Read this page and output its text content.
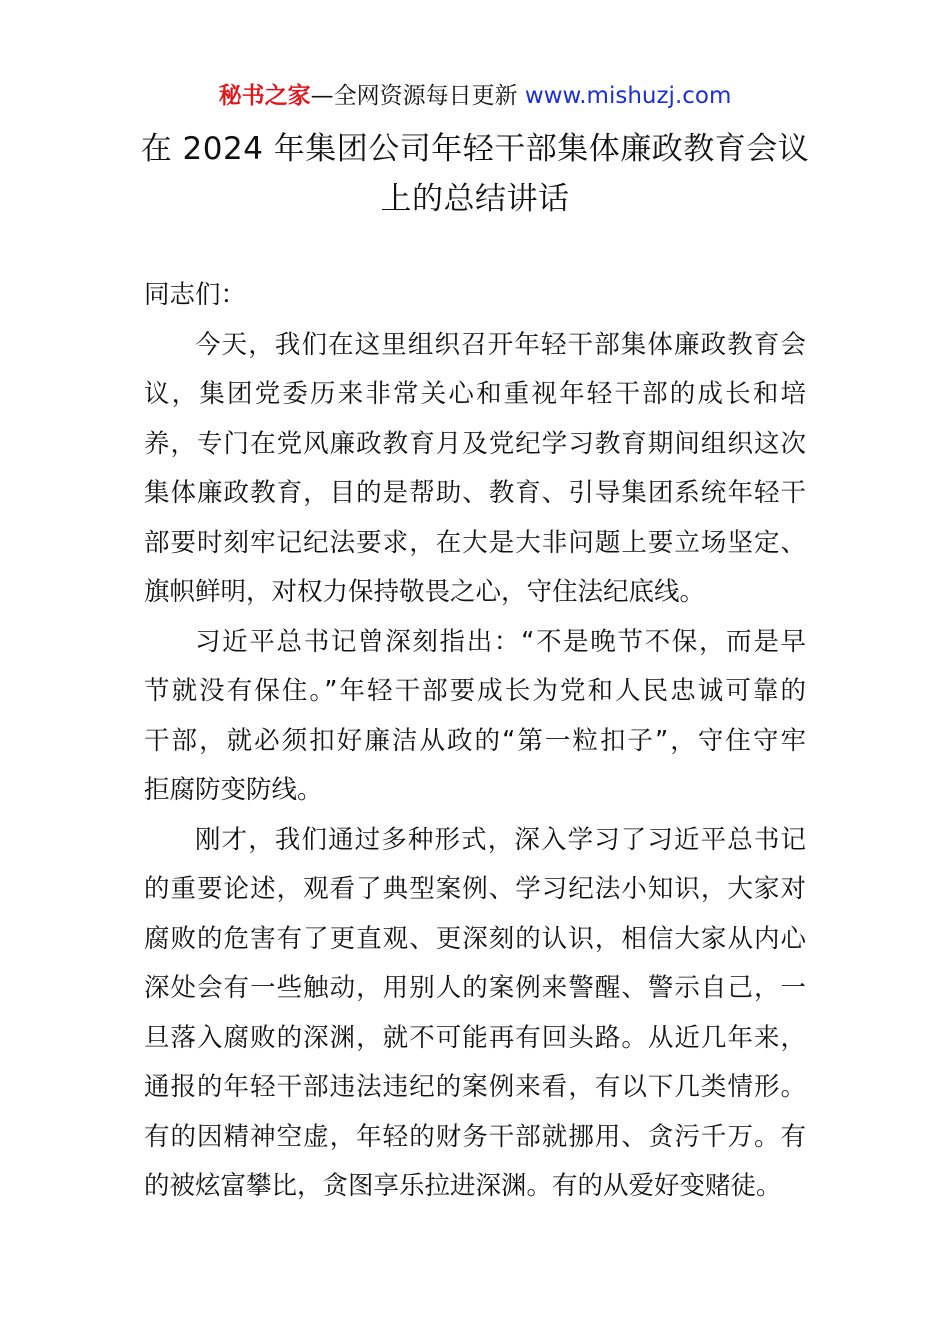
秘书之家—全网资源每日更新 www.mishuzj.com
在 2024 年集团公司年轻干部集体廉政教育会议
上的总结讲话
同志们：
今天，我们在这里组织召开年轻干部集体廉政教育会
议，集团党委历来非常关心和重视年轻干部的成长和培
养，专门在党风廉政教育月及党纪学习教育期间组织这次
集体廉政教育，目的是帮助、教育、引导集团系统年轻干
部要时刻牢记纪法要求，在大是大非问题上要立场坚定、
旗帜鲜明，对权力保持敬畏之心，守住法纪底线。
习近平总书记曾深刻指出：“不是晚节不保，而是早
节就没有保住。”年轻干部要成长为党和人民忠诚可靠的
干部，就必须扣好廉洁从政的“第一粒扣子”，守住守牢
拒腐防变防线。
刚才，我们通过多种形式，深入学习了习近平总书记
的重要论述，观看了典型案例、学习纪法小知识，大家对
腐败的危害有了更直观、更深刻的认识，相信大家从内心
深处会有一些触动，用别人的案例来警醒、警示自己，一
旦落入腐败的深渊，就不可能再有回头路。从近几年来，
通报的年轻干部违法违纪的案例来看，有以下几类情形。
有的因精神空虚，年轻的财务干部就挪用、贪污千万。有
的被炫富攀比，贪图享乐拉进深渊。有的从爱好变赌徒。
